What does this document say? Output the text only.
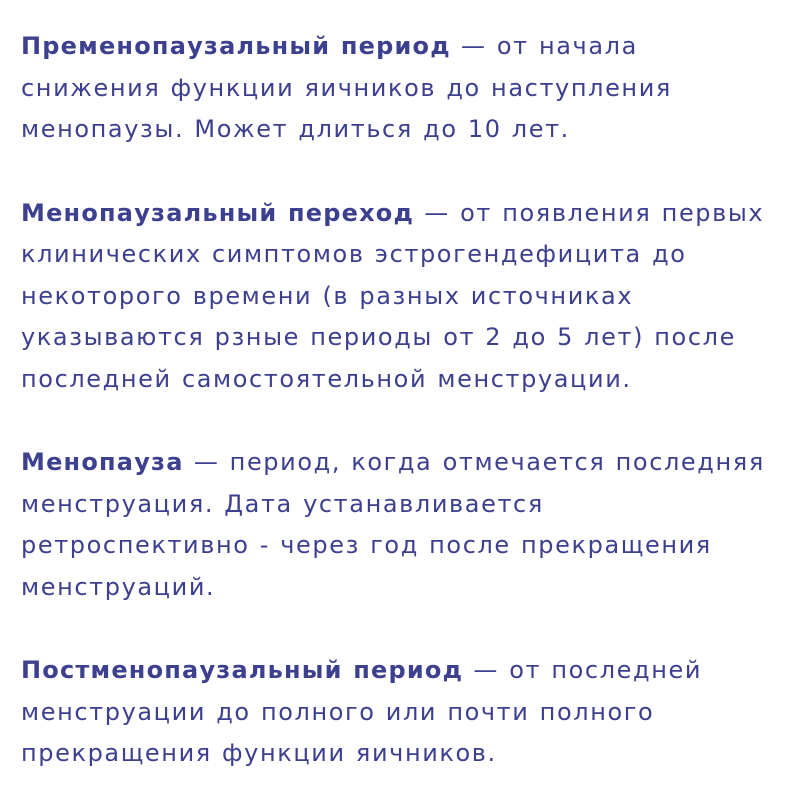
Пременопаузальный период — от начала снижения функции яичников до наступления менопаузы. Может длиться до 10 лет.

Менопаузальный переход — от появления первых клинических симптомов эстрогендефицита до некоторого времени (в разных источниках указываются рзные периоды от 2 до 5 лет) после последней самостоятельной менструации.

Менопауза — период, когда отмечается последняя менструация. Дата устанавливается ретроспективно - через год после прекращения менструаций.

Постменопаузальный период — от последней менструации до полного или почти полного прекращения функции яичников.
